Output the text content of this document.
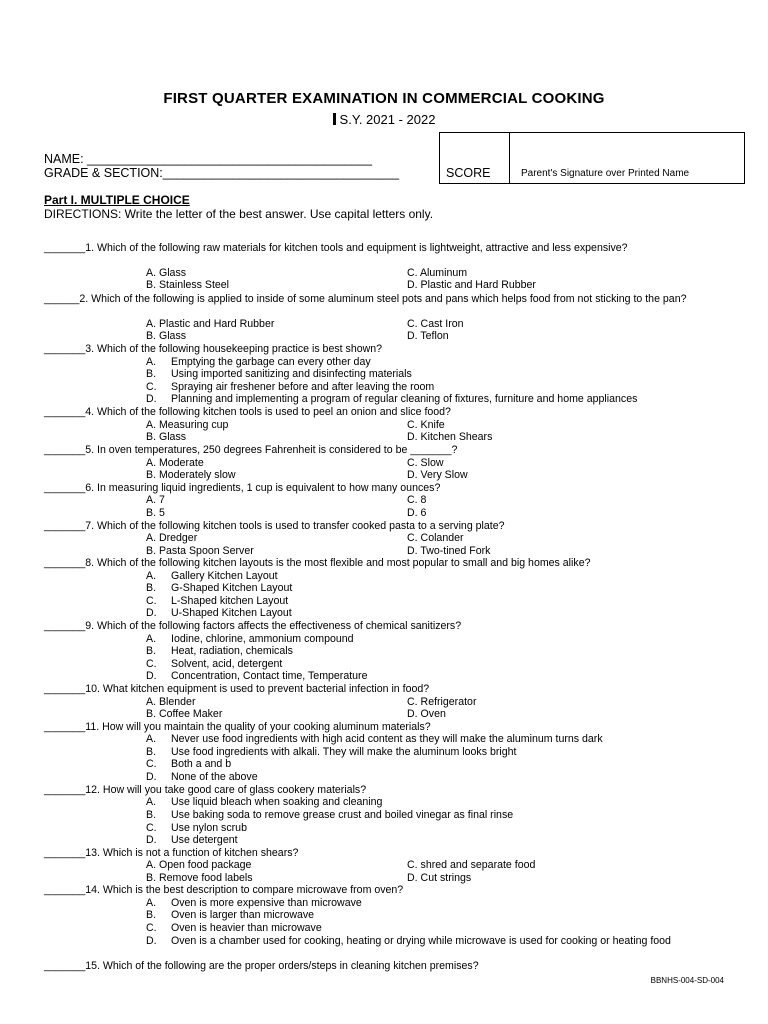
FIRST QUARTER EXAMINATION IN COMMERCIAL COOKING
S.Y. 2021 - 2022
NAME: _________________________________________
GRADE & SECTION:__________________________________	SCORE	Parent's Signature over Printed Name
Part I. MULTIPLE CHOICE
DIRECTIONS: Write the letter of the best answer. Use capital letters only.
_______1. Which of the following raw materials for kitchen tools and equipment is lightweight, attractive and less expensive?
A. Glass
B. Stainless Steel
C. Aluminum
D. Plastic and Hard Rubber
______2. Which of the following is applied to inside of some aluminum steel pots and pans which helps food from not sticking to the pan?
A. Plastic and Hard Rubber
B. Glass
C. Cast Iron
D. Teflon
_______3. Which of the following housekeeping practice is best shown?
A. Emptying the garbage can every other day
B. Using imported sanitizing and disinfecting materials
C. Spraying air freshener before and after leaving the room
D. Planning and implementing a program of regular cleaning of fixtures, furniture and home appliances
_______4. Which of the following kitchen tools is used to peel an onion and slice food?
A. Measuring cup
B. Glass
C. Knife
D. Kitchen Shears
_______5. In oven temperatures, 250 degrees Fahrenheit is considered to be _______?
A. Moderate
B. Moderately slow
C. Slow
D. Very Slow
_______6. In measuring liquid ingredients, 1 cup is equivalent to how many ounces?
A. 7
B. 5
C. 8
D. 6
_______7. Which of the following kitchen tools is used to transfer cooked pasta to a serving plate?
A. Dredger
B. Pasta Spoon Server
C. Colander
D. Two-tined Fork
_______8. Which of the following kitchen layouts is the most flexible and most popular to small and big homes alike?
A. Gallery Kitchen Layout
B. G-Shaped Kitchen Layout
C. L-Shaped kitchen Layout
D. U-Shaped Kitchen Layout
_______9. Which of the following factors affects the effectiveness of chemical sanitizers?
A. Iodine, chlorine, ammonium compound
B. Heat, radiation, chemicals
C. Solvent, acid, detergent
D. Concentration, Contact time, Temperature
_______10. What kitchen equipment is used to prevent bacterial infection in food?
A. Blender
B. Coffee Maker
C. Refrigerator
D. Oven
_______11. How will you maintain the quality of your cooking aluminum materials?
A. Never use food ingredients with high acid content as they will make the aluminum turns dark
B. Use food ingredients with alkali. They will make the aluminum looks bright
C. Both a and b
D. None of the above
_______12. How will you take good care of glass cookery materials?
A. Use liquid bleach when soaking and cleaning
B. Use baking soda to remove grease crust and boiled vinegar as final rinse
C. Use nylon scrub
D. Use detergent
_______13. Which is not a function of kitchen shears?
A. Open food package
B. Remove food labels
C. shred and separate food
D. Cut strings
_______14. Which is the best description to compare microwave from oven?
A. Oven is more expensive than microwave
B. Oven is larger than microwave
C. Oven is heavier than microwave
D. Oven is a chamber used for cooking, heating or drying while microwave is used for cooking or heating food
_______15. Which of the following are the proper orders/steps in cleaning kitchen premises?
BBNHS-004-SD-004
